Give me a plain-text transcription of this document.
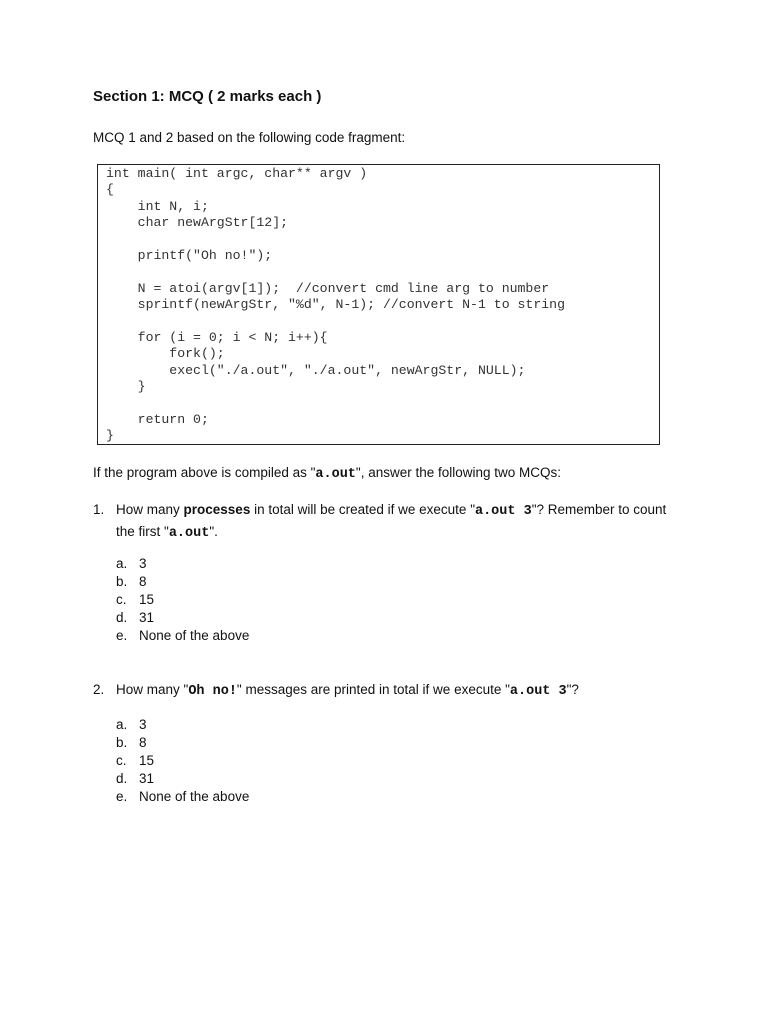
Section 1: MCQ ( 2 marks each )

MCQ 1 and 2 based on the following code fragment:

int main( int argc, char** argv )
{
int N, i;
char newArgStr[12];
printf("Oh no!");
N = atoi(argv[1]);  //convert cmd line arg to number
sprintf(newArgStr, "%d", N-1); //convert N-1 to string
for (i = 0; i < N; i++){
fork();
execl("./a.out", "./a.out", newArgStr, NULL);
}
return 0;
}

If the program above is compiled as "a.out", answer the following two MCQs:

1. How many processes in total will be created if we execute "a.out 3"? Remember to count the first "a.out".
a. 3
b. 8
c. 15
d. 31
e. None of the above
2. How many "Oh no!" messages are printed in total if we execute "a.out 3"?
a. 3
b. 8
c. 15
d. 31
e. None of the above
